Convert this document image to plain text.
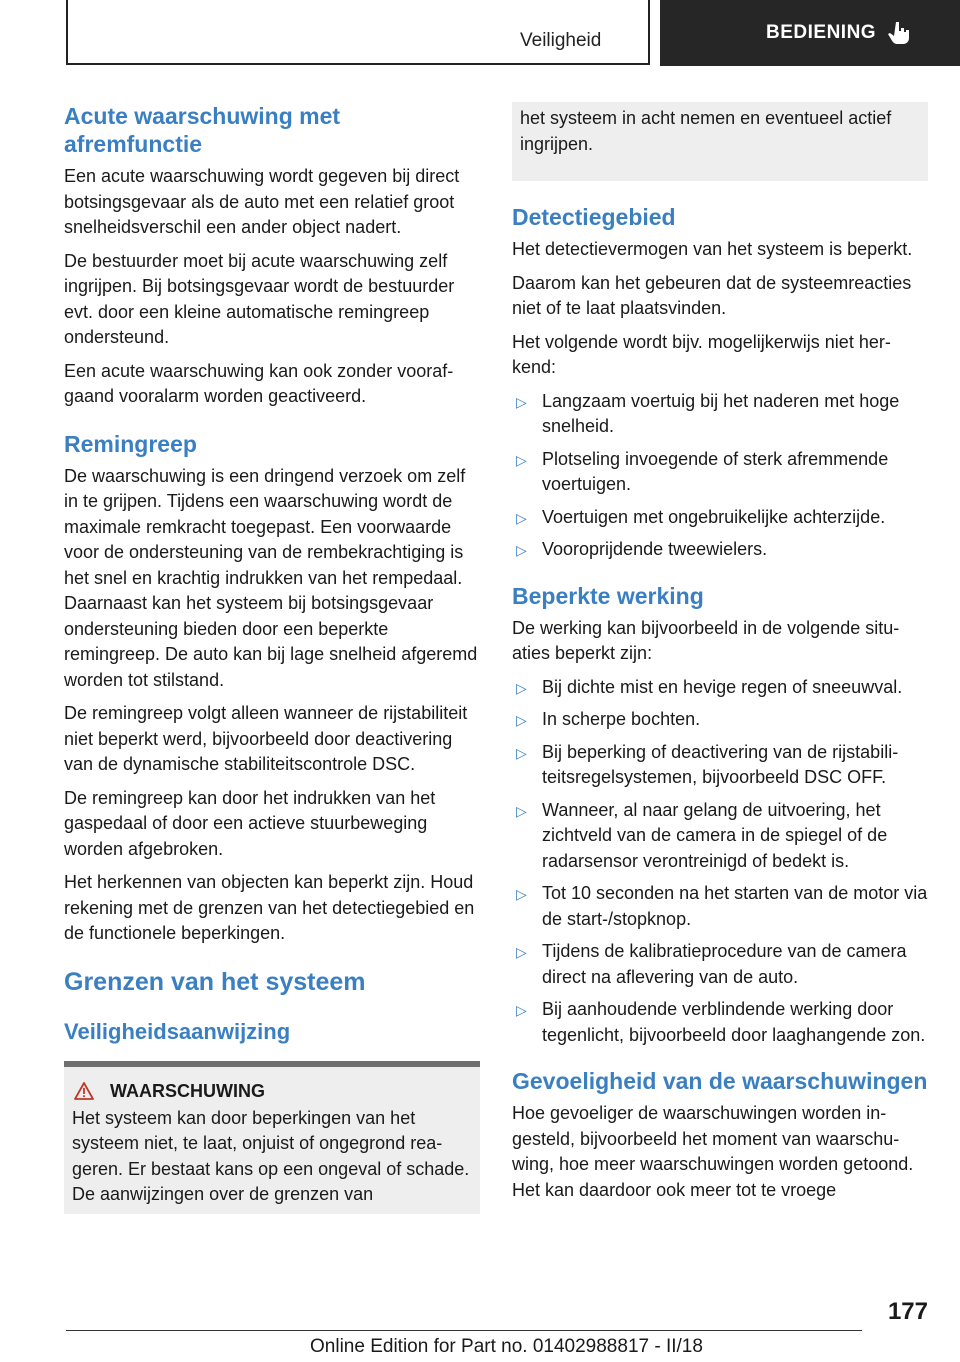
Veiligheid	BEDIENING
Acute waarschuwing met afremfunctie

Een acute waarschuwing wordt gegeven bij direct botsingsgevaar als de auto met een relatief groot snelheidsverschil een ander object nadert.

De bestuurder moet bij acute waarschuwing zelf ingrijpen. Bij botsingsgevaar wordt de bestuurder evt. door een kleine automatische remingreep ondersteund.

Een acute waarschuwing kan ook zonder voorafgaand vooralarm worden geactiveerd.

Remingreep

De waarschuwing is een dringend verzoek om zelf in te grijpen. Tijdens een waarschuwing wordt de maximale remkracht toegepast. Een voorwaarde voor de ondersteuning van de rembekrachtiging is het snel en krachtig indrukken van het rempedaal. Daarnaast kan het systeem bij botsingsgevaar ondersteuning bieden door een beperkte remingreep. De auto kan bij lage snelheid afgeremd worden tot stilstand.

De remingreep volgt alleen wanneer de rijstabiliteit niet beperkt werd, bijvoorbeeld door deactivering van de dynamische stabiliteitscontrole DSC.

De remingreep kan door het indrukken van het gaspedaal of door een actieve stuurbeweging worden afgebroken.

Het herkennen van objecten kan beperkt zijn. Houd rekening met de grenzen van het detectiegebied en de functionele beperkingen.

Grenzen van het systeem
Veiligheidsaanwijzing
WAARSCHUWING

Het systeem kan door beperkingen van het systeem niet, te laat, onjuist of ongegrond reageren. Er bestaat kans op een ongeval of schade. De aanwijzingen over de grenzen van

het systeem in acht nemen en eventueel actief ingrijpen.

Detectiegebied

Het detectievermogen van het systeem is beperkt.

Daarom kan het gebeuren dat de systeemreacties niet of te laat plaatsvinden.

Het volgende wordt bijv. mogelijkerwijs niet herkend:

▷ Langzaam voertuig bij het naderen met hoge snelheid.
▷ Plotseling invoegende of sterk afremmende voertuigen.
▷ Voertuigen met ongebruikelijke achterzijde.
▷ Vooroprijdende tweewielers.
Beperkte werking

De werking kan bijvoorbeeld in de volgende situaties beperkt zijn:

▷ Bij dichte mist en hevige regen of sneeuwval.
▷ In scherpe bochten.
▷ Bij beperking of deactivering van de rijstabiliteitsregelsystemen, bijvoorbeeld DSC OFF.
▷ Wanneer, al naar gelang de uitvoering, het zichtveld van de camera in de spiegel of de radarsensor verontreinigd of bedekt is.
▷ Tot 10 seconden na het starten van de motor via de start-/stopknop.
▷ Tijdens de kalibratieprocedure van de camera direct na aflevering van de auto.
▷ Bij aanhoudende verblindende werking door tegenlicht, bijvoorbeeld door laaghangende zon.
Gevoeligheid van de waarschuwingen

Hoe gevoeliger de waarschuwingen worden ingesteld, bijvoorbeeld het moment van waarschuwing, hoe meer waarschuwingen worden getoond. Het kan daardoor ook meer tot te vroege

177
Online Edition for Part no. 01402988817 - II/18
